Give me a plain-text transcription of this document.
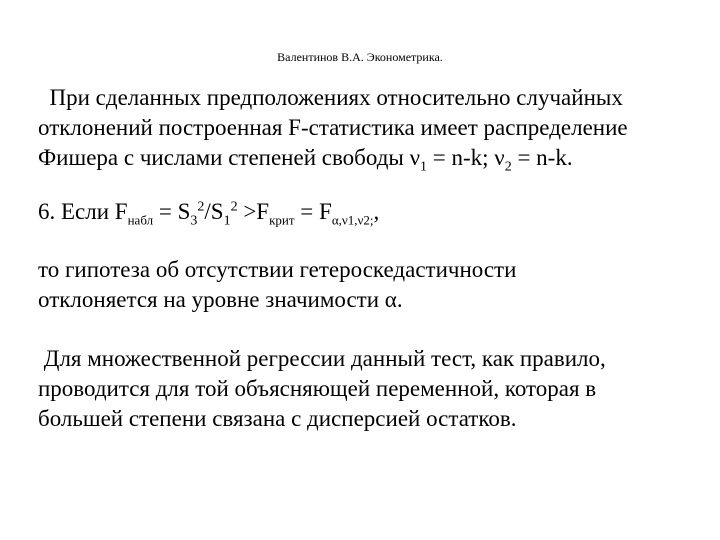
Валентинов В.А. Эконометрика.
При сделанных предположениях относительно случайных
отклонений построенная F-статистика имеет распределение
Фишера с числами степеней свободы $\nu_1 = n-k$; $\nu_2 = n-k$.
6. Если $F_{набл} = S_3^2/S_1^2 >F_{крит} = F_{\alpha,\nu 1,\nu 2;}$,
то гипотеза об отсутствии гетероскедастичности
отклоняется на уровне значимости α.
Для множественной регрессии данный тест, как правило,
проводится для той объясняющей переменной, которая в
большей степени связана с дисперсией остатков.
